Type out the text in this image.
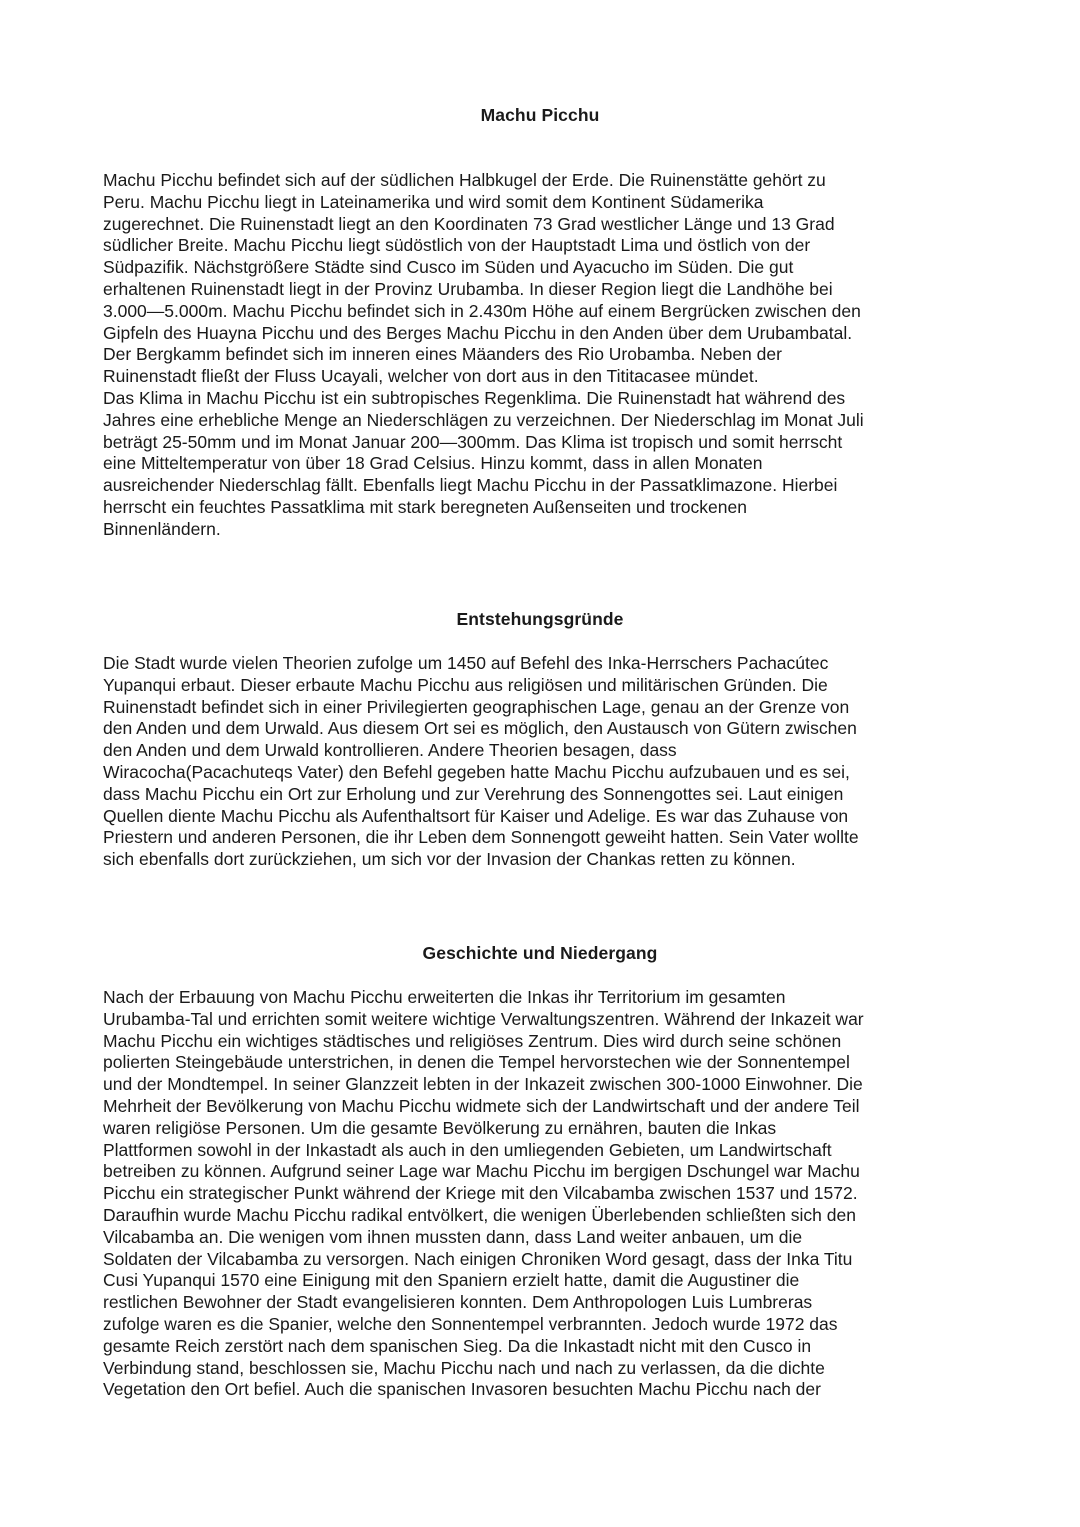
Machu Picchu
Machu Picchu befindet sich auf der südlichen Halbkugel der Erde. Die Ruinenstätte gehört zu
Peru. Machu Picchu liegt in Lateinamerika und wird somit dem Kontinent Südamerika
zugerechnet. Die Ruinenstadt liegt an den Koordinaten 73 Grad westlicher Länge und 13 Grad
südlicher Breite. Machu Picchu liegt südöstlich von der Hauptstadt Lima und östlich von der
Südpazifik. Nächstgrößere Städte sind Cusco im Süden und Ayacucho im Süden. Die gut
erhaltenen Ruinenstadt liegt in der Provinz Urubamba. In dieser Region liegt die Landhöhe bei
3.000—5.000m. Machu Picchu befindet sich in 2.430m Höhe auf einem Bergrücken zwischen den
Gipfeln des Huayna Picchu und des Berges Machu Picchu in den Anden über dem Urubambatal.
Der Bergkamm befindet sich im inneren eines Mäanders des Rio Urobamba. Neben der
Ruinenstadt fließt der Fluss Ucayali, welcher von dort aus in den Tititacasee mündet.
Das Klima in Machu Picchu ist ein subtropisches Regenklima. Die Ruinenstadt hat während des
Jahres eine erhebliche Menge an Niederschlägen zu verzeichnen. Der Niederschlag im Monat Juli
beträgt 25-50mm und im Monat Januar 200—300mm. Das Klima ist tropisch und somit herrscht
eine Mitteltemperatur von über 18 Grad Celsius. Hinzu kommt, dass in allen Monaten
ausreichender Niederschlag fällt. Ebenfalls liegt Machu Picchu in der Passatklimazone. Hierbei
herrscht ein feuchtes Passatklima mit stark beregneten Außenseiten und trockenen
Binnenländern.
Entstehungsgründe
Die Stadt wurde vielen Theorien zufolge um 1450 auf Befehl des Inka-Herrschers Pachacútec
Yupanqui erbaut. Dieser erbaute Machu Picchu aus religiösen und militärischen Gründen. Die
Ruinenstadt befindet sich in einer Privilegierten geographischen Lage, genau an der Grenze von
den Anden und dem Urwald. Aus diesem Ort sei es möglich, den Austausch von Gütern zwischen
den Anden und dem Urwald kontrollieren. Andere Theorien besagen, dass
Wiracocha(Pacachuteqs Vater) den Befehl gegeben hatte Machu Picchu aufzubauen und es sei,
dass Machu Picchu ein Ort zur Erholung und zur Verehrung des Sonnengottes sei. Laut einigen
Quellen diente Machu Picchu als Aufenthaltsort für Kaiser und Adelige. Es war das Zuhause von
Priestern und anderen Personen, die ihr Leben dem Sonnengott geweiht hatten. Sein Vater wollte
sich ebenfalls dort zurückziehen, um sich vor der Invasion der Chankas retten zu können.
Geschichte und Niedergang
Nach der Erbauung von Machu Picchu erweiterten die Inkas ihr Territorium im gesamten
Urubamba-Tal und errichten somit weitere wichtige Verwaltungszentren. Während der Inkazeit war
Machu Picchu ein wichtiges städtisches und religiöses Zentrum. Dies wird durch seine schönen
polierten Steingebäude unterstrichen, in denen die Tempel hervorstechen wie der Sonnentempel
und der Mondtempel. In seiner Glanzzeit lebten in der Inkazeit zwischen 300-1000 Einwohner. Die
Mehrheit der Bevölkerung von Machu Picchu widmete sich der Landwirtschaft und der andere Teil
waren religiöse Personen. Um die gesamte Bevölkerung zu ernähren, bauten die Inkas
Plattformen sowohl in der Inkastadt als auch in den umliegenden Gebieten, um Landwirtschaft
betreiben zu können. Aufgrund seiner Lage war Machu Picchu im bergigen Dschungel war Machu
Picchu ein strategischer Punkt während der Kriege mit den Vilcabamba zwischen 1537 und 1572.
Daraufhin wurde Machu Picchu radikal entvölkert, die wenigen Überlebenden schließten sich den
Vilcabamba an. Die wenigen vom ihnen mussten dann, dass Land weiter anbauen, um die
Soldaten der Vilcabamba zu versorgen. Nach einigen Chroniken Word gesagt, dass der Inka Titu
Cusi Yupanqui 1570 eine Einigung mit den Spaniern erzielt hatte, damit die Augustiner die
restlichen Bewohner der Stadt evangelisieren konnten. Dem Anthropologen Luis Lumbreras
zufolge waren es die Spanier, welche den Sonnentempel verbrannten. Jedoch wurde 1972 das
gesamte Reich zerstört nach dem spanischen Sieg. Da die Inkastadt nicht mit den Cusco in
Verbindung stand, beschlossen sie, Machu Picchu nach und nach zu verlassen, da die dichte
Vegetation den Ort befiel. Auch die spanischen Invasoren besuchten Machu Picchu nach der
